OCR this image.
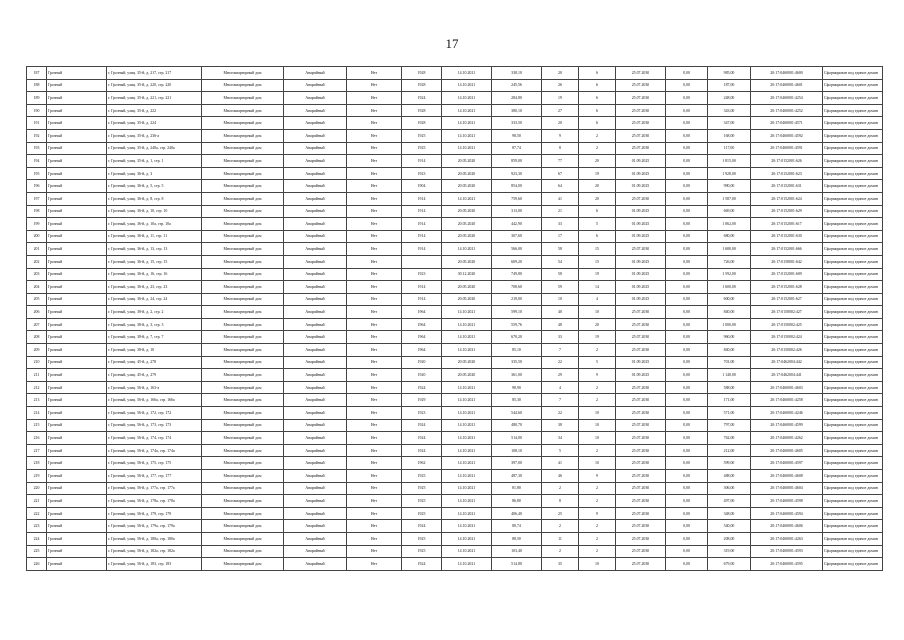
17
187	Грозный	г. Грозный, улиц. 35-й, д. 217, стр. 217	Многоквартирный дом	Аварийный	Нет	1928	14.10.2021	338,10	20	6	25.07.2030	0,00	985,00	20:17:0460001:4600	Сформирован под единое домин
188	Грозный	г. Грозный, улиц. 35-й, д. 220, стр. 220	Многоквартирный дом	Аварийный	Нет	1928	14.10.2021	245,56	26	6	25.07.2030	0,00	187,00	20:17:0460001:4601	Сформирован под единое домин
189	Грозный	г. Грозный, улиц. 35-й, д. 221, стр. 221	Многоквартирный дом	Аварийный	Нет	1924	14.10.2021	284,80	19	6	25.07.2030	0,00	248,00	20:17:0460001:4254	Сформирован под единое домин
190	Грозный	г. Грозный, улиц. 35-й, д. 222	Многоквартирный дом	Аварийный	Нет	1928	14.10.2021	380,10	27	6	25.07.2030	0,00	343,00	20:17:0460001:4252	Сформирован под единое домин
191	Грозный	г. Грозный, улиц. 35-й, д. 224	Многоквартирный дом	Аварийный	Нет	1928	14.10.2021	333,50	20	6	25.07.2030	0,00	347,00	20:17:0460001:4571	Сформирован под единое домин
192	Грозный	г. Грозный, улиц. 35-й, д. 236-а	Многоквартирный дом	Аварийный	Нет	1925	14.10.2021	98,50	9	2	25.07.2030	0,00	168,00	20:17:0460001:4592	Сформирован под единое домин
193	Грозный	г. Грозный, улиц. 35-й, д. 240а, стр. 240а	Многоквартирный дом	Аварийный	Нет	1925	14.10.2021	87,74	8	2	25.07.2030	0,00	117,00	20:17:0460001:4591	Сформирован под единое домин
194	Грозный	г. Грозный, улиц. 35-й, д. 1, стр. 1	Многоквартирный дом	Аварийный	Нет	1914	20.05.2020	859,00	77	20	01.09.2025	0,00	1 815,00	20:17:0152001:626	Сформирован под единое домин
195	Грозный	г. Грозный, улиц. 36-й, д. 3	Многоквартирный дом	Аварийный	Нет	1923	20.05.2020	923,30	67	19	01.09.2025	0,00	1 928,00	20:17:0152001:623	Сформирован под единое домин
196	Грозный	г. Грозный, улиц. 36-й, д. 5, стр. 5	Многоквартирный дом	Аварийный	Нет	1904	20.05.2020	854,00	64	20	01.09.2025	0,00	990,00	20:17:0152001:631	Сформирован под единое домин
197	Грозный	г. Грозный, улиц. 36-й, д. 8, стр. 8	Многоквартирный дом	Аварийный	Нет	1914	14.10.2021	759,60	41	20	25.07.2030	0,00	1 587,00	20:17:0152001:624	Сформирован под единое домин
198	Грозный	г. Грозный, улиц. 36-й, д. 10, стр. 10	Многоквартирный дом	Аварийный	Нет	1914	20.05.2020	313,00	21	6	01.09.2025	0,00	669,00	20:17:0152001:629	Сформирован под единое домин
199	Грозный	г. Грозный, улиц. 36-й, д. 10а, стр. 10а	Многоквартирный дом	Аварийный	Нет	1914	20.05.2020	442,90	33	5	01.09.2025	0,00	1 062,00	20:17:0152001:617	Сформирован под единое домин
200	Грозный	г. Грозный, улиц. 36-й, д. 11, стр. 11	Многоквартирный дом	Аварийный	Нет	1914	20.05.2020	307,60	17	6	01.09.2025	0,00	680,00	20:17:0152001:630	Сформирован под единое домин
201	Грозный	г. Грозный, улиц. 36-й, д. 13, стр. 13	Многоквартирный дом	Аварийный	Нет	1914	14.10.2021	566,00	58	15	25.07.2030	0,00	1 680,00	20:17:0152001:666	Сформирован под единое домин
202	Грозный	г. Грозный, улиц. 36-й, д. 15, стр. 15	Многоквартирный дом	Аварийный	Нет		20.05.2020	609,20	54	15	01.09.2025	0,00	726,00	20:17:0158001:642	Сформирован под единое домин
203	Грозный	г. Грозный, улиц. 36-й, д. 16, стр. 16	Многоквартирный дом	Аварийный	Нет	1923	30.12.2020	749,80	58	19	01.09.2025	0,00	1 592,00	20:17:0152001:609	Сформирован под единое домин
204	Грозный	г. Грозный, улиц. 36-й, д. 23, стр. 23	Многоквартирный дом	Аварийный	Нет	1914	20.05.2020	708,60	59	14	01.09.2025	0,00	1 600,00	20:17:0152001:628	Сформирован под единое домин
205	Грозный	г. Грозный, улиц. 36-й, д. 24, стр. 24	Многоквартирный дом	Аварийный	Нет	1914	20.05.2020	219,00	10	4	01.09.2025	0,00	600,00	20:17:0152001:627	Сформирован под единое домин
206	Грозный	г. Грозный, улиц. 38-й, д. 2, стр. 2	Многоквартирный дом	Аварийный	Нет	1964	14.10.2021	599,10	40	10	25.07.2030	0,00	840,00	20:17:0150002:427	Сформирован под единое домин
207	Грозный	г. Грозный, улиц. 38-й, д. 3, стр. 3	Многоквартирный дом	Аварийный	Нет	1964	14.10.2021	559,76	48	20	25.07.2030	0,00	1 000,00	20:17:0150002:425	Сформирован под единое домин
208	Грозный	г. Грозный, улиц. 38-й, д. 7, стр. 7	Многоквартирный дом	Аварийный	Нет	1964	14.10.2021	670,20	33	19	25.07.2030	0,00	960,00	20:17:0150002:424	Сформирован под единое домин
209	Грозный	г. Грозный, улиц. 38-й, д. 10	Многоквартирный дом	Аварийный	Нет	1964	14.10.2021	85,10	7	2	25.07.2030	0,00	840,00	20:17:0150002:426	Сформирован под единое домин
210	Грозный	г. Грозный, улиц. 45-й, д. 278	Многоквартирный дом	Аварийный	Нет	1920	20.05.2020	335,50	22	5	01.09.2025	0,00	701,00	20:17:0462004:442	Сформирован под единое домин
211	Грозный	г. Грозный, улиц. 45-й, д. 279	Многоквартирный дом	Аварийный	Нет	1920	20.05.2020	361,00	29	9	01.09.2025	0,00	1 140,00	20:17:0462004:441	Сформирован под единое домин
212	Грозный	г. Грозный, улиц. 56-й, д. 163-а	Многоквартирный дом	Аварийный	Нет	1924	14.10.2021	98,90	4	2	25.07.2030	0,00	588,00	20:17:0460001:4603	Сформирован под единое домин
213	Грозный	г. Грозный, улиц. 56-й, д. 166а, стр. 166а	Многоквартирный дом	Аварийный	Нет	1929	14.10.2021	85,30	7	2	25.07.2030	0,00	171,00	20:17:0460001:4258	Сформирован под единое домин
214	Грозный	г. Грозный, улиц. 56-й, д. 172, стр. 172	Многоквартирный дом	Аварийный	Нет	1923	14.10.2021	544,60	22	10	25.07.2030	0,00	571,00	20:17:0460001:4246	Сформирован под единое домин
215	Грозный	г. Грозный, улиц. 56-й, д. 173, стр. 173	Многоквартирный дом	Аварийный	Нет	1924	14.10.2021	480,70	38	10	25.07.2030	0,00	797,00	20:17:0460001:4599	Сформирован под единое домин
216	Грозный	г. Грозный, улиц. 56-й, д. 174, стр. 174	Многоквартирный дом	Аварийный	Нет	1924	14.10.2021	514,00	34	10	25.07.2030	0,00	762,00	20:17:0460001:4262	Сформирован под единое домин
217	Грозный	г. Грозный, улиц. 56-й, д. 174а, стр. 174а	Многоквартирный дом	Аварийный	Нет	1924	14.10.2021	108,10	5	2	25.07.2030	0,00	212,00	20:17:0460001:4605	Сформирован под единое домин
218	Грозный	г. Грозный, улиц. 56-й, д. 175, стр. 175	Многоквартирный дом	Аварийный	Нет	1962	14.10.2021	397,00	41	10	25.07.2030	0,00	599,00	20:17:0460001:4597	Сформирован под единое домин
219	Грозный	г. Грозный, улиц. 56-й, д. 177, стр. 177	Многоквартирный дом	Аварийный	Нет	1925	14.10.2021	487,30	46	9	25.07.2030	0,00	488,00	20:17:0460001:4608	Сформирован под единое домин
220	Грозный	г. Грозный, улиц. 56-й, д. 177а, стр. 177а	Многоквартирный дом	Аварийный	Нет	1925	14.10.2021	81,80	2	2	25.07.2030	0,00	306,00	20:17:0460001:4604	Сформирован под единое домин
221	Грозный	г. Грозный, улиц. 56-й, д. 178а, стр. 178а	Многоквартирный дом	Аварийный	Нет	1925	14.10.2021	86,80	8	2	25.07.2030	0,00	497,00	20:17:0460001:4598	Сформирован под единое домин
222	Грозный	г. Грозный, улиц. 56-й, д. 179, стр. 179	Многоквартирный дом	Аварийный	Нет	1925	14.10.2021	406,40	25	9	25.07.2030	0,00	348,00	20:17:0460001:4594	Сформирован под единое домин
223	Грозный	г. Грозный, улиц. 56-й, д. 179а, стр. 179а	Многоквартирный дом	Аварийный	Нет	1924	14.10.2021	80,74	2	2	25.07.2030	0,00	540,00	20:17:0460001:4606	Сформирован под единое домин
224	Грозный	г. Грозный, улиц. 56-й, д. 180а, стр. 180а	Многоквартирный дом	Аварийный	Нет	1925	14.10.2021	88,50	11	2	25.07.2030	0,00	208,00	20:17:0460001:4263	Сформирован под единое домин
225	Грозный	г. Грозный, улиц. 56-й, д. 182а, стр. 182а	Многоквартирный дом	Аварийный	Нет	1925	14.10.2021	103,40	2	2	25.07.2030	0,00	319,00	20:17:0460001:4593	Сформирован под единое домин
226	Грозный	г. Грозный, улиц. 56-й, д. 183, стр. 183	Многоквартирный дом	Аварийный	Нет	1924	14.10.2021	514,80	35	10	25.07.2030	0,00	679,00	20:17:0460001:4595	Сформирован под единое домин
